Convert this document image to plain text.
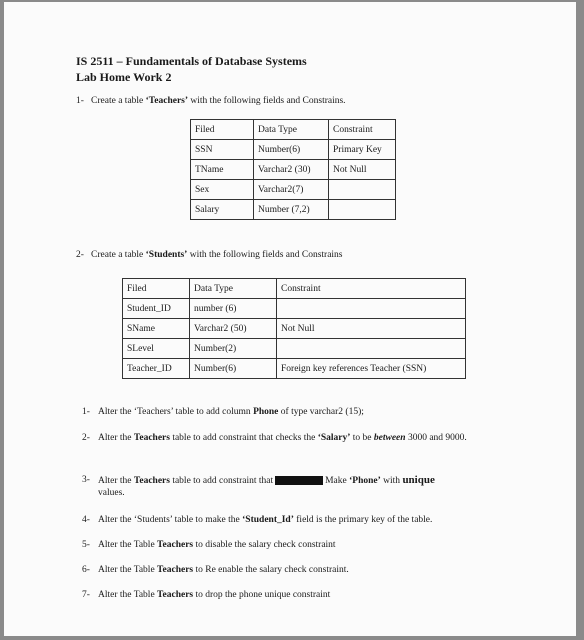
IS 2511 – Fundamentals of Database Systems
Lab Home Work 2
1- Create a table ‘Teachers’ with the following fields and Constrains.
Filed	Data Type	Constraint
SSN	Number(6)	Primary Key
TName	Varchar2 (30)	Not Null
Sex	Varchar2(7)	
Salary	Number (7,2)	
2- Create a table ‘Students’ with the following fields and Constrains
Filed	Data Type	Constraint
Student_ID	number (6)	
SName	Varchar2 (50)	Not Null
SLevel	Number(2)	
Teacher_ID	Number(6)	Foreign key references Teacher (SSN)
1- Alter the ‘Teachers’ table to add column Phone of type varchar2 (15);
2- Alter the Teachers table to add constraint that checks the ‘Salary’ to be between 3000 and 9000.
3- Alter the Teachers table to add constraint that	Make ‘Phone’ with unique
values.
4- Alter the ‘Students’ table to make the ‘Student_Id’ field is the primary key of the table.
5- Alter the Table Teachers to disable the salary check constraint
6- Alter the Table Teachers to Re enable the salary check constraint.
7- Alter the Table Teachers to drop the phone unique constraint
